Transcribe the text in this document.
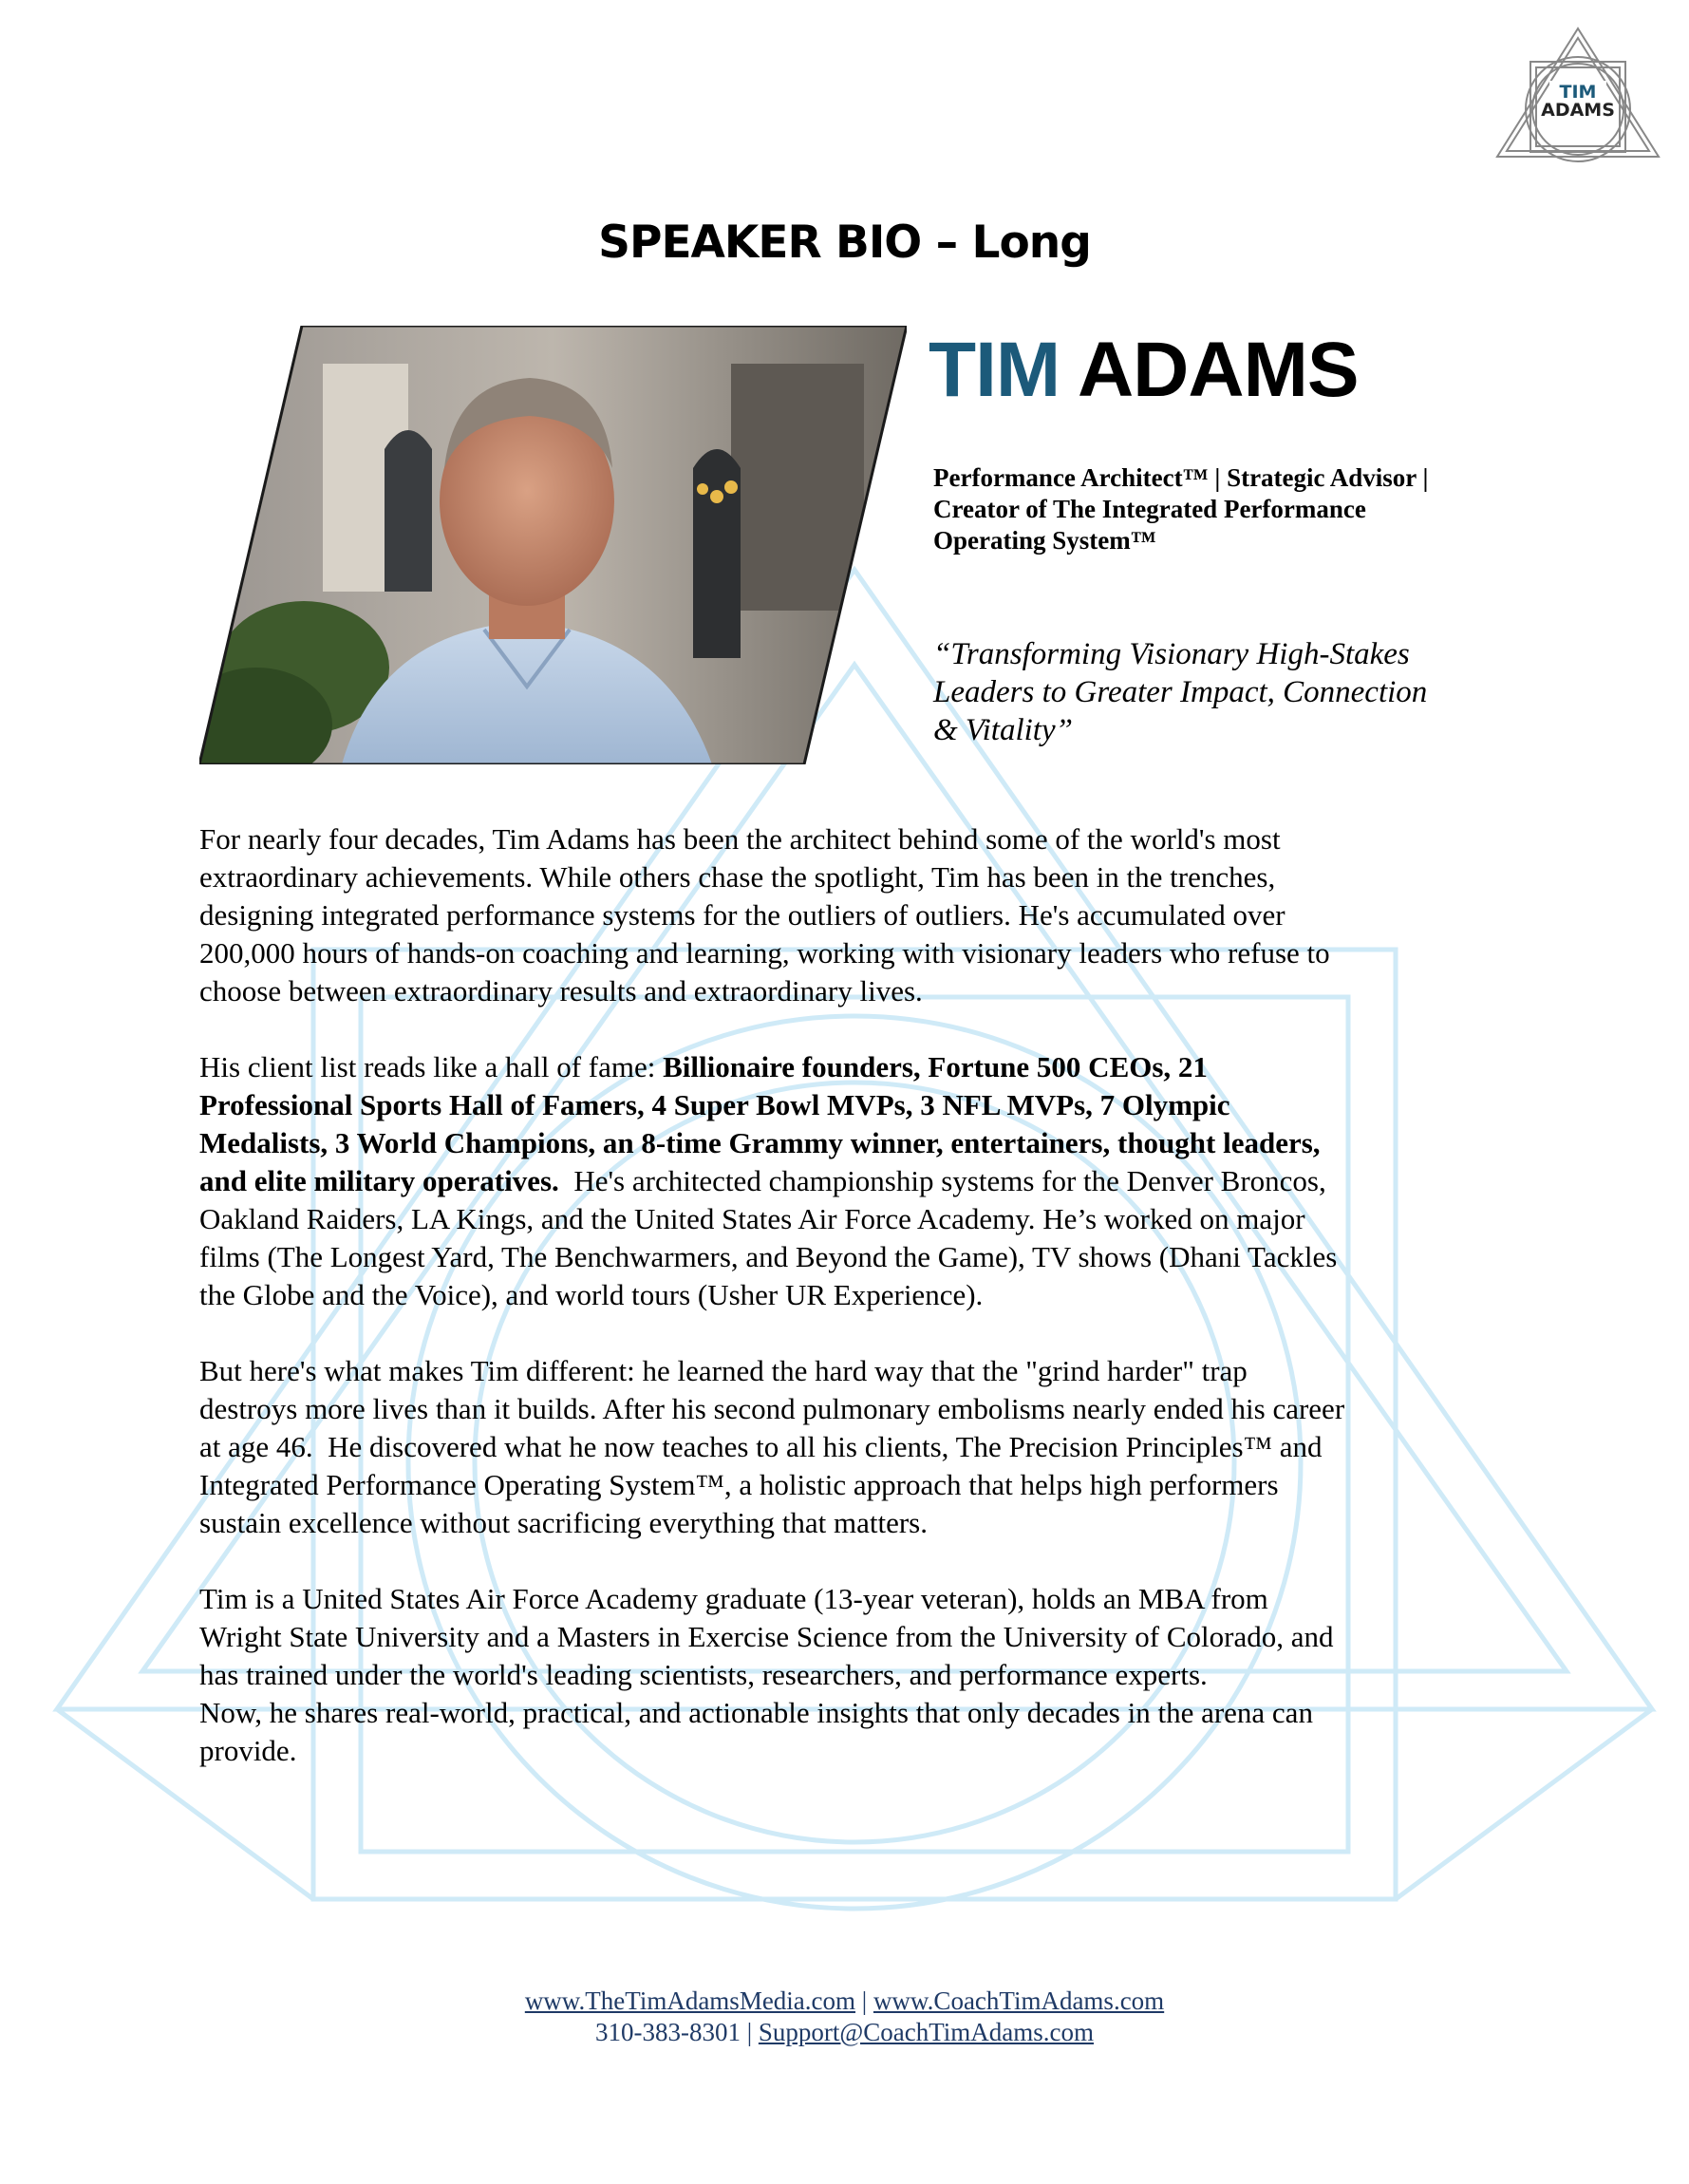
TIM
ADAMS
SPEAKER BIO – Long
TIM ADAMS
Performance Architect™ | Strategic Advisor |
Creator of The Integrated Performance
Operating System™
“Transforming Visionary High-Stakes
Leaders to Greater Impact, Connection
& Vitality”

For nearly four decades, Tim Adams has been the architect behind some of the world's most
extraordinary achievements. While others chase the spotlight, Tim has been in the trenches,
designing integrated performance systems for the outliers of outliers. He's accumulated over
200,000 hours of hands-on coaching and learning, working with visionary leaders who refuse to
choose between extraordinary results and extraordinary lives.

His client list reads like a hall of fame: Billionaire founders, Fortune 500 CEOs, 21
Professional Sports Hall of Famers, 4 Super Bowl MVPs, 3 NFL MVPs, 7 Olympic
Medalists, 3 World Champions, an 8-time Grammy winner, entertainers, thought leaders,
and elite military operatives.  He's architected championship systems for the Denver Broncos,
Oakland Raiders, LA Kings, and the United States Air Force Academy. He’s worked on major
films (The Longest Yard, The Benchwarmers, and Beyond the Game), TV shows (Dhani Tackles
the Globe and the Voice), and world tours (Usher UR Experience).

But here's what makes Tim different: he learned the hard way that the "grind harder" trap
destroys more lives than it builds. After his second pulmonary embolisms nearly ended his career
at age 46.  He discovered what he now teaches to all his clients, The Precision Principles™ and
Integrated Performance Operating System™, a holistic approach that helps high performers
sustain excellence without sacrificing everything that matters.

Tim is a United States Air Force Academy graduate (13-year veteran), holds an MBA from
Wright State University and a Masters in Exercise Science from the University of Colorado, and
has trained under the world's leading scientists, researchers, and performance experts.
Now, he shares real-world, practical, and actionable insights that only decades in the arena can
provide.

www.TheTimAdamsMedia.com | www.CoachTimAdams.com
310-383-8301 | Support@CoachTimAdams.com
